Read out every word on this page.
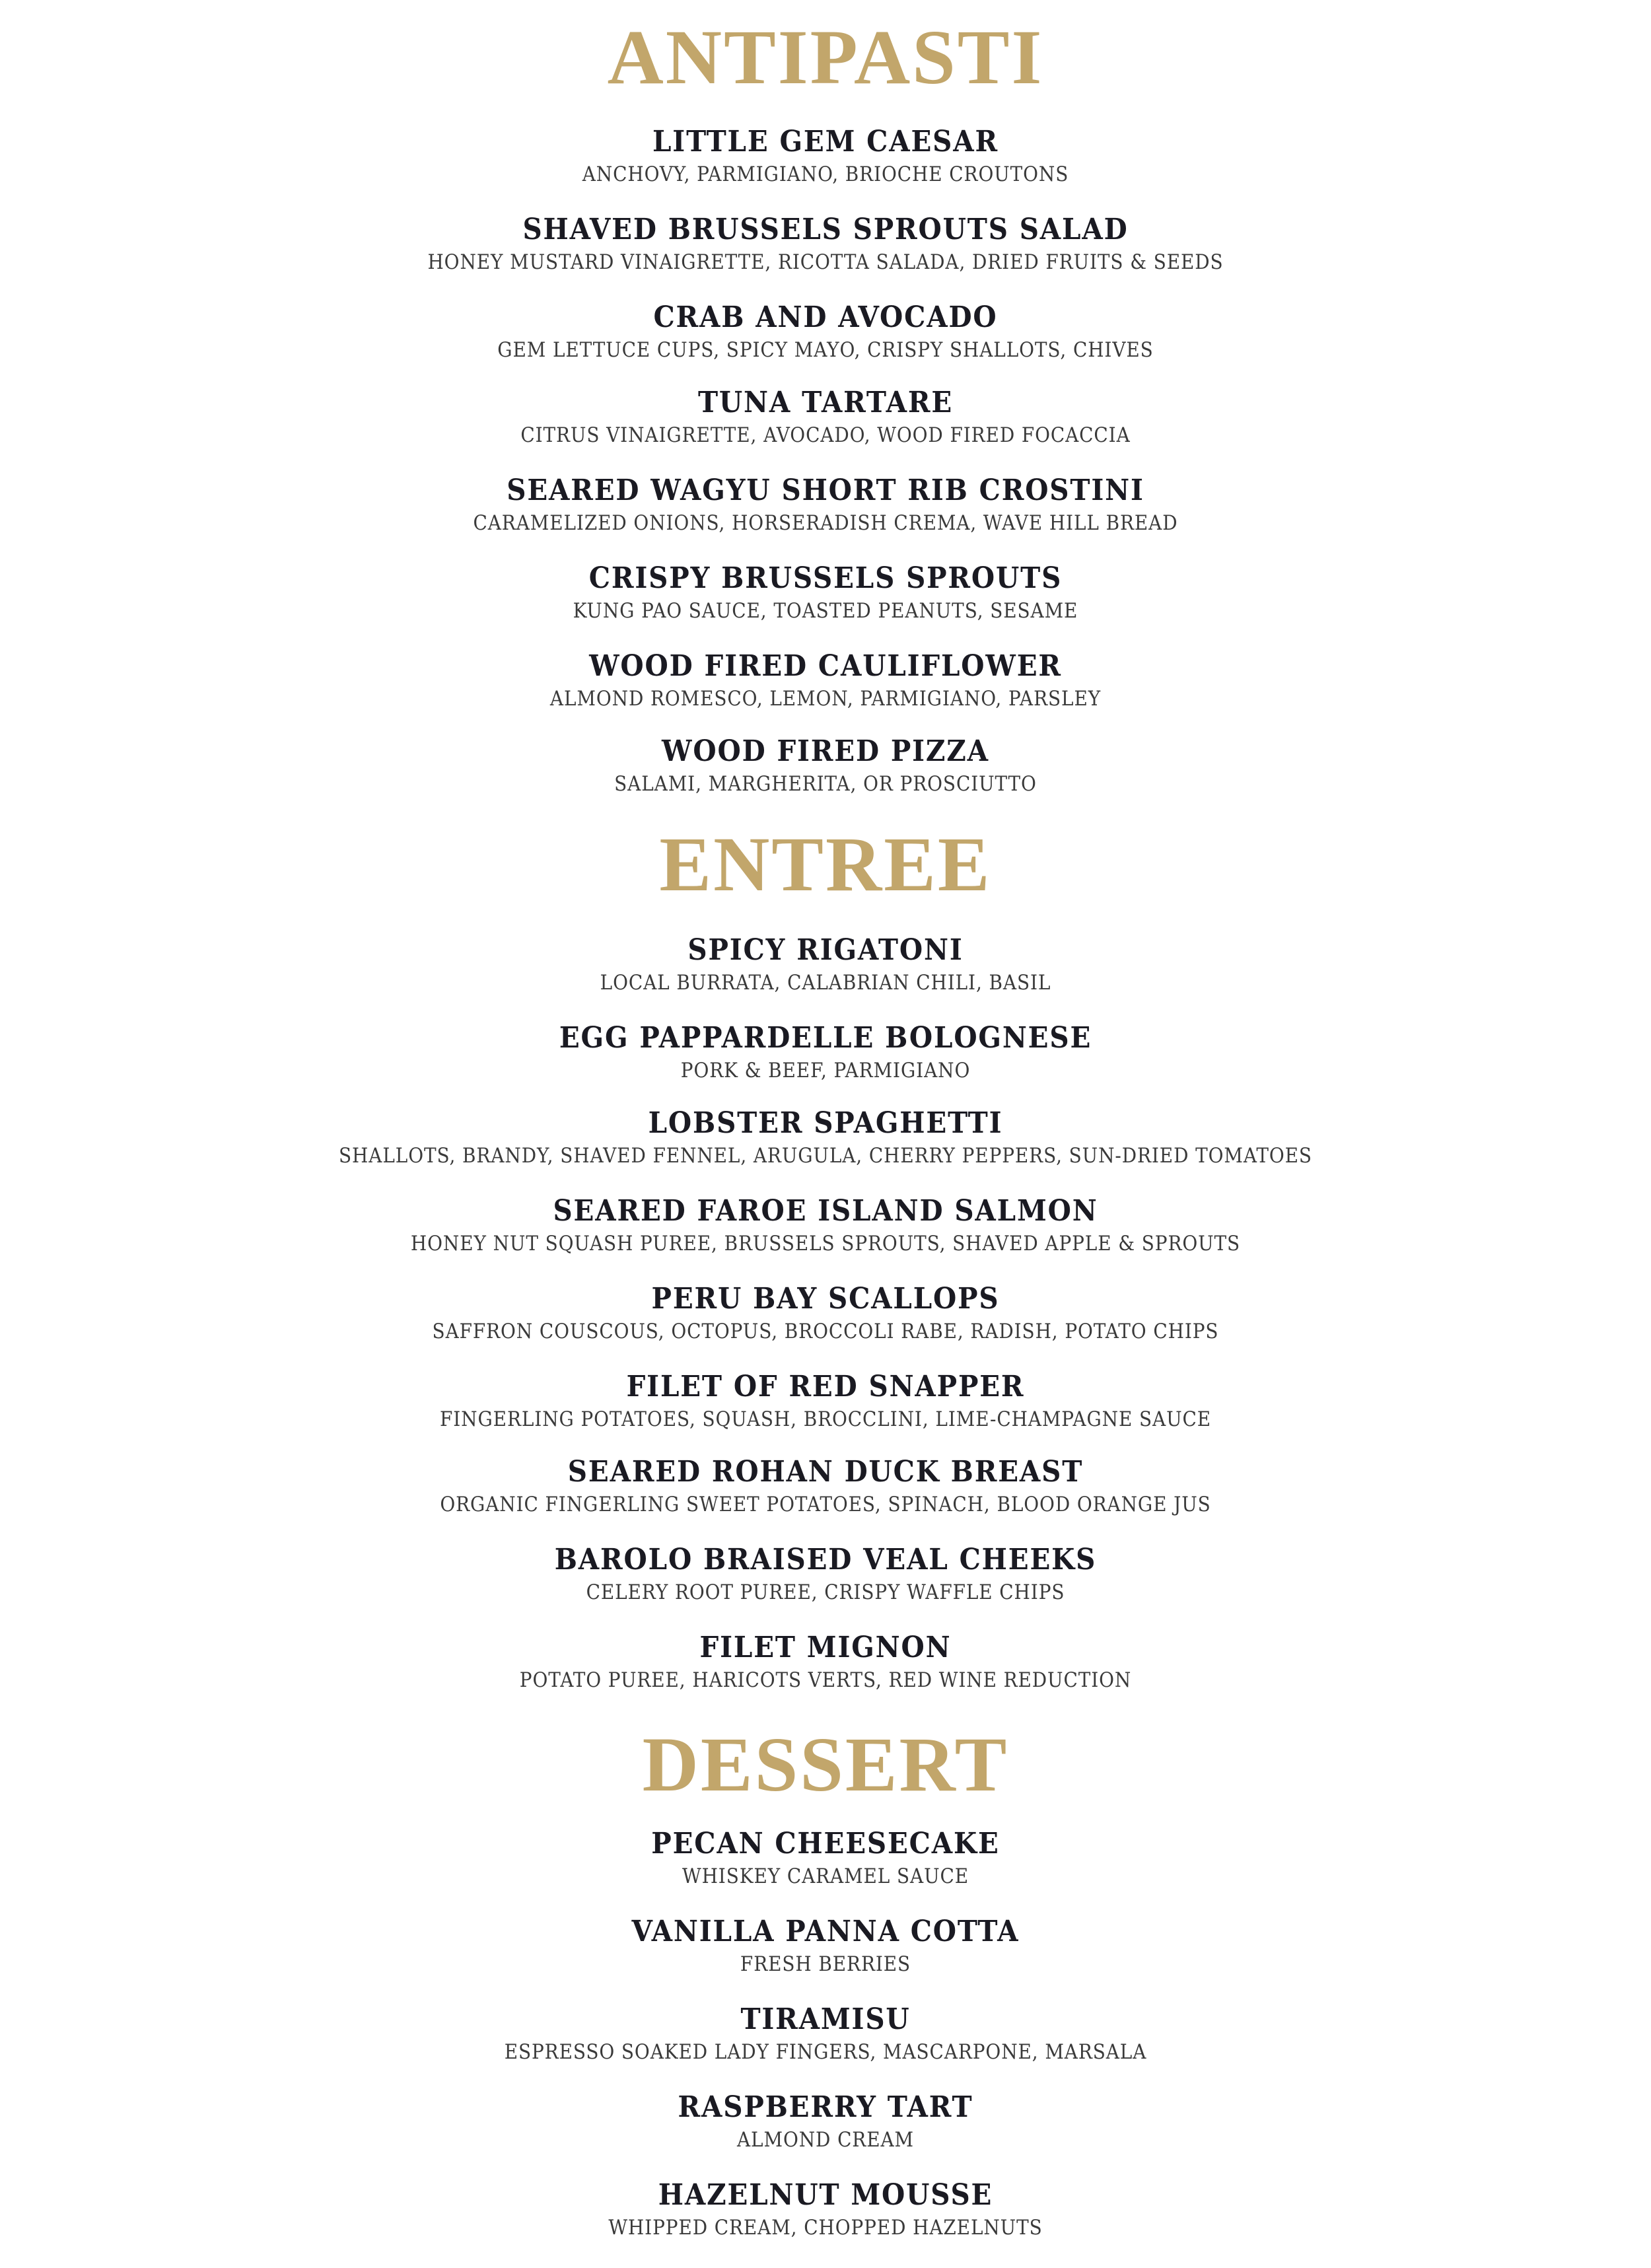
ANTIPASTI
LITTLE GEM CAESAR
ANCHOVY, PARMIGIANO, BRIOCHE CROUTONS
SHAVED BRUSSELS SPROUTS SALAD
HONEY MUSTARD VINAIGRETTE, RICOTTA SALADA, DRIED FRUITS & SEEDS
CRAB AND AVOCADO
GEM LETTUCE CUPS, SPICY MAYO, CRISPY SHALLOTS, CHIVES
TUNA TARTARE
CITRUS VINAIGRETTE, AVOCADO, WOOD FIRED FOCACCIA
SEARED WAGYU SHORT RIB CROSTINI
CARAMELIZED ONIONS, HORSERADISH CREMA, WAVE HILL BREAD
CRISPY BRUSSELS SPROUTS
KUNG PAO SAUCE, TOASTED PEANUTS, SESAME
WOOD FIRED CAULIFLOWER
ALMOND ROMESCO, LEMON, PARMIGIANO, PARSLEY
WOOD FIRED PIZZA
SALAMI, MARGHERITA, OR PROSCIUTTO
ENTREE
SPICY RIGATONI
LOCAL BURRATA, CALABRIAN CHILI, BASIL
EGG PAPPARDELLE BOLOGNESE
PORK & BEEF, PARMIGIANO
LOBSTER SPAGHETTI
SHALLOTS, BRANDY, SHAVED FENNEL, ARUGULA, CHERRY PEPPERS, SUN-DRIED TOMATOES
SEARED FAROE ISLAND SALMON
HONEY NUT SQUASH PUREE, BRUSSELS SPROUTS, SHAVED APPLE & SPROUTS
PERU BAY SCALLOPS
SAFFRON COUSCOUS, OCTOPUS, BROCCOLI RABE, RADISH, POTATO CHIPS
FILET OF RED SNAPPER
FINGERLING POTATOES, SQUASH, BROCCLINI, LIME-CHAMPAGNE SAUCE
SEARED ROHAN DUCK BREAST
ORGANIC FINGERLING SWEET POTATOES, SPINACH, BLOOD ORANGE JUS
BAROLO BRAISED VEAL CHEEKS
CELERY ROOT PUREE, CRISPY WAFFLE CHIPS
FILET MIGNON
POTATO PUREE, HARICOTS VERTS, RED WINE REDUCTION
DESSERT
PECAN CHEESECAKE
WHISKEY CARAMEL SAUCE
VANILLA PANNA COTTA
FRESH BERRIES
TIRAMISU
ESPRESSO SOAKED LADY FINGERS, MASCARPONE, MARSALA
RASPBERRY TART
ALMOND CREAM
HAZELNUT MOUSSE
WHIPPED CREAM, CHOPPED HAZELNUTS
